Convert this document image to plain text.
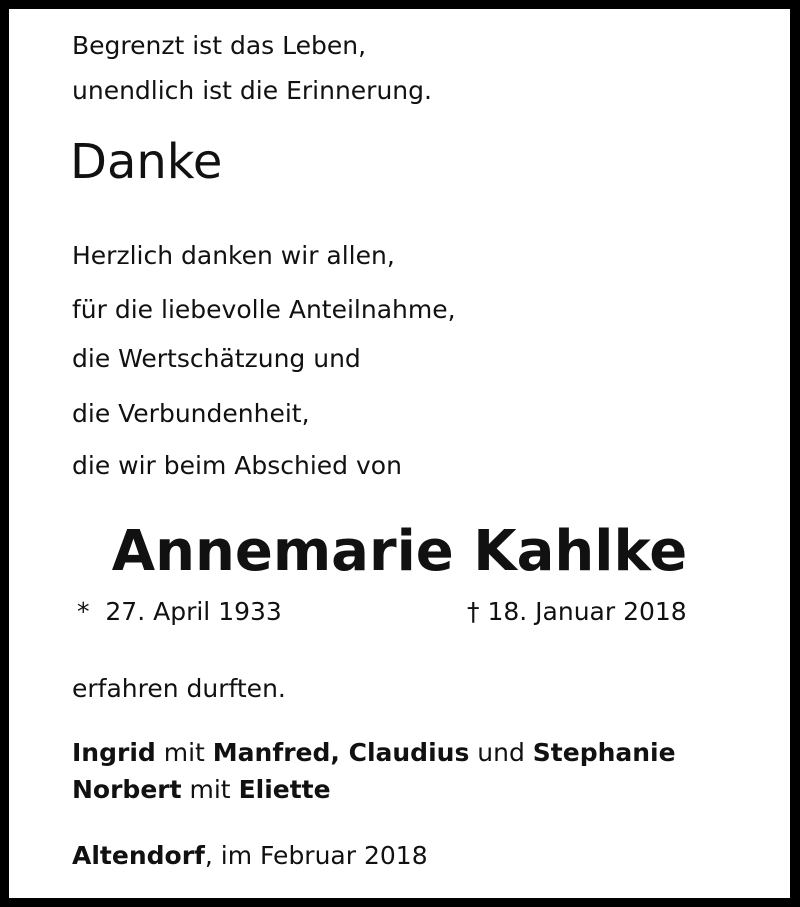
Begrenzt ist das Leben,
unendlich ist die Erinnerung.
Danke
Herzlich danken wir allen,
für die liebevolle Anteilnahme,
die Wertschätzung und
die Verbundenheit,
die wir beim Abschied von
Annemarie Kahlke
* 27. April 1933	† 18. Januar 2018
erfahren durften.
Ingrid mit Manfred, Claudius und Stephanie
Norbert mit Eliette
Altendorf, im Februar 2018
